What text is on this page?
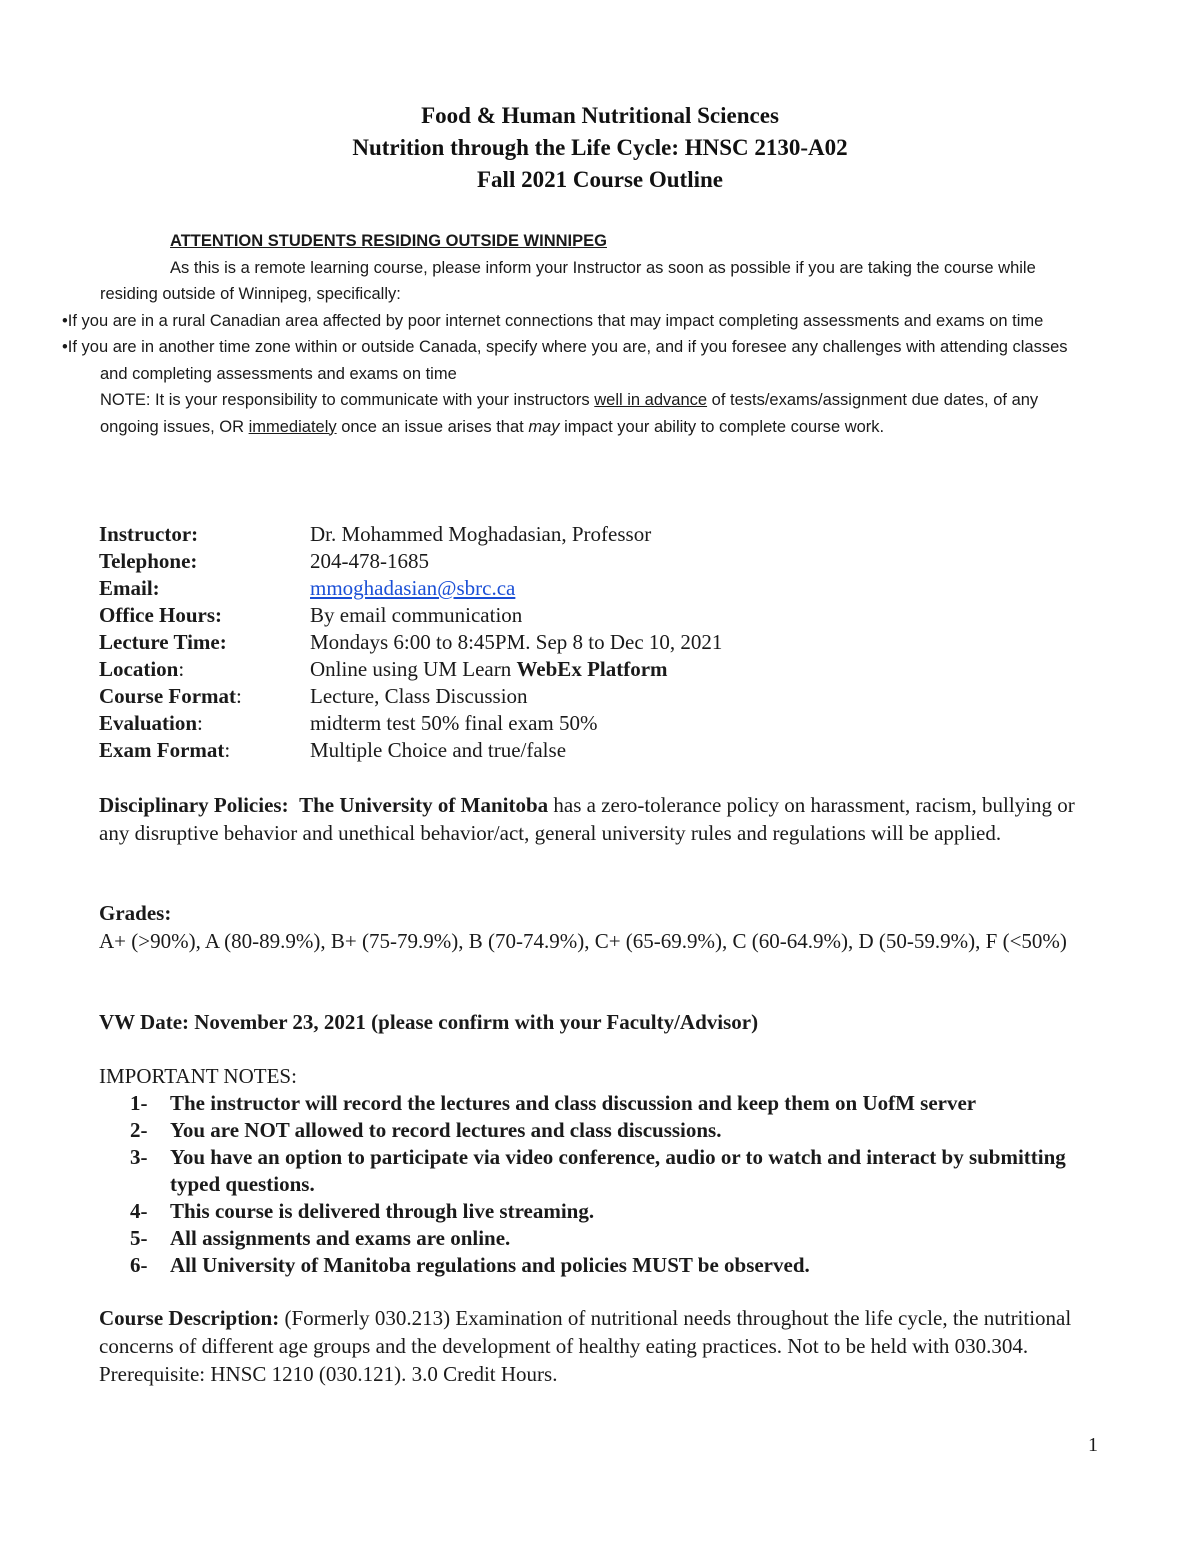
Food & Human Nutritional Sciences
Nutrition through the Life Cycle: HNSC 2130-A02
Fall 2021 Course Outline
ATTENTION STUDENTS RESIDING OUTSIDE WINNIPEG
As this is a remote learning course, please inform your Instructor as soon as possible if you are taking the course while residing outside of Winnipeg, specifically:
•If you are in a rural Canadian area affected by poor internet connections that may impact completing assessments and exams on time
•If you are in another time zone within or outside Canada, specify where you are, and if you foresee any challenges with attending classes and completing assessments and exams on time
NOTE: It is your responsibility to communicate with your instructors well in advance of tests/exams/assignment due dates, of any ongoing issues, OR immediately once an issue arises that may impact your ability to complete course work.
Instructor:	Dr. Mohammed Moghadasian, Professor
Telephone:	204-478-1685
Email:	mmoghadasian@sbrc.ca
Office Hours:	By email communication
Lecture Time:	Mondays 6:00 to 8:45PM. Sep 8 to Dec 10, 2021
Location:	Online using UM Learn WebEx Platform
Course Format:	Lecture, Class Discussion
Evaluation:	midterm test 50% final exam 50%
Exam Format:	Multiple Choice and true/false
Disciplinary Policies: The University of Manitoba has a zero-tolerance policy on harassment, racism, bullying or any disruptive behavior and unethical behavior/act, general university rules and regulations will be applied.
Grades:
A+ (>90%), A (80-89.9%), B+ (75-79.9%), B (70-74.9%), C+ (65-69.9%), C (60-64.9%), D (50-59.9%), F (<50%)
VW Date: November 23, 2021 (please confirm with your Faculty/Advisor)
IMPORTANT NOTES:
1-	The instructor will record the lectures and class discussion and keep them on UofM server
2-	You are NOT allowed to record lectures and class discussions.
3-	You have an option to participate via video conference, audio or to watch and interact by submitting typed questions.
4-	This course is delivered through live streaming.
5-	All assignments and exams are online.
6-	All University of Manitoba regulations and policies MUST be observed.
Course Description: (Formerly 030.213) Examination of nutritional needs throughout the life cycle, the nutritional concerns of different age groups and the development of healthy eating practices. Not to be held with 030.304. Prerequisite: HNSC 1210 (030.121). 3.0 Credit Hours.
1
